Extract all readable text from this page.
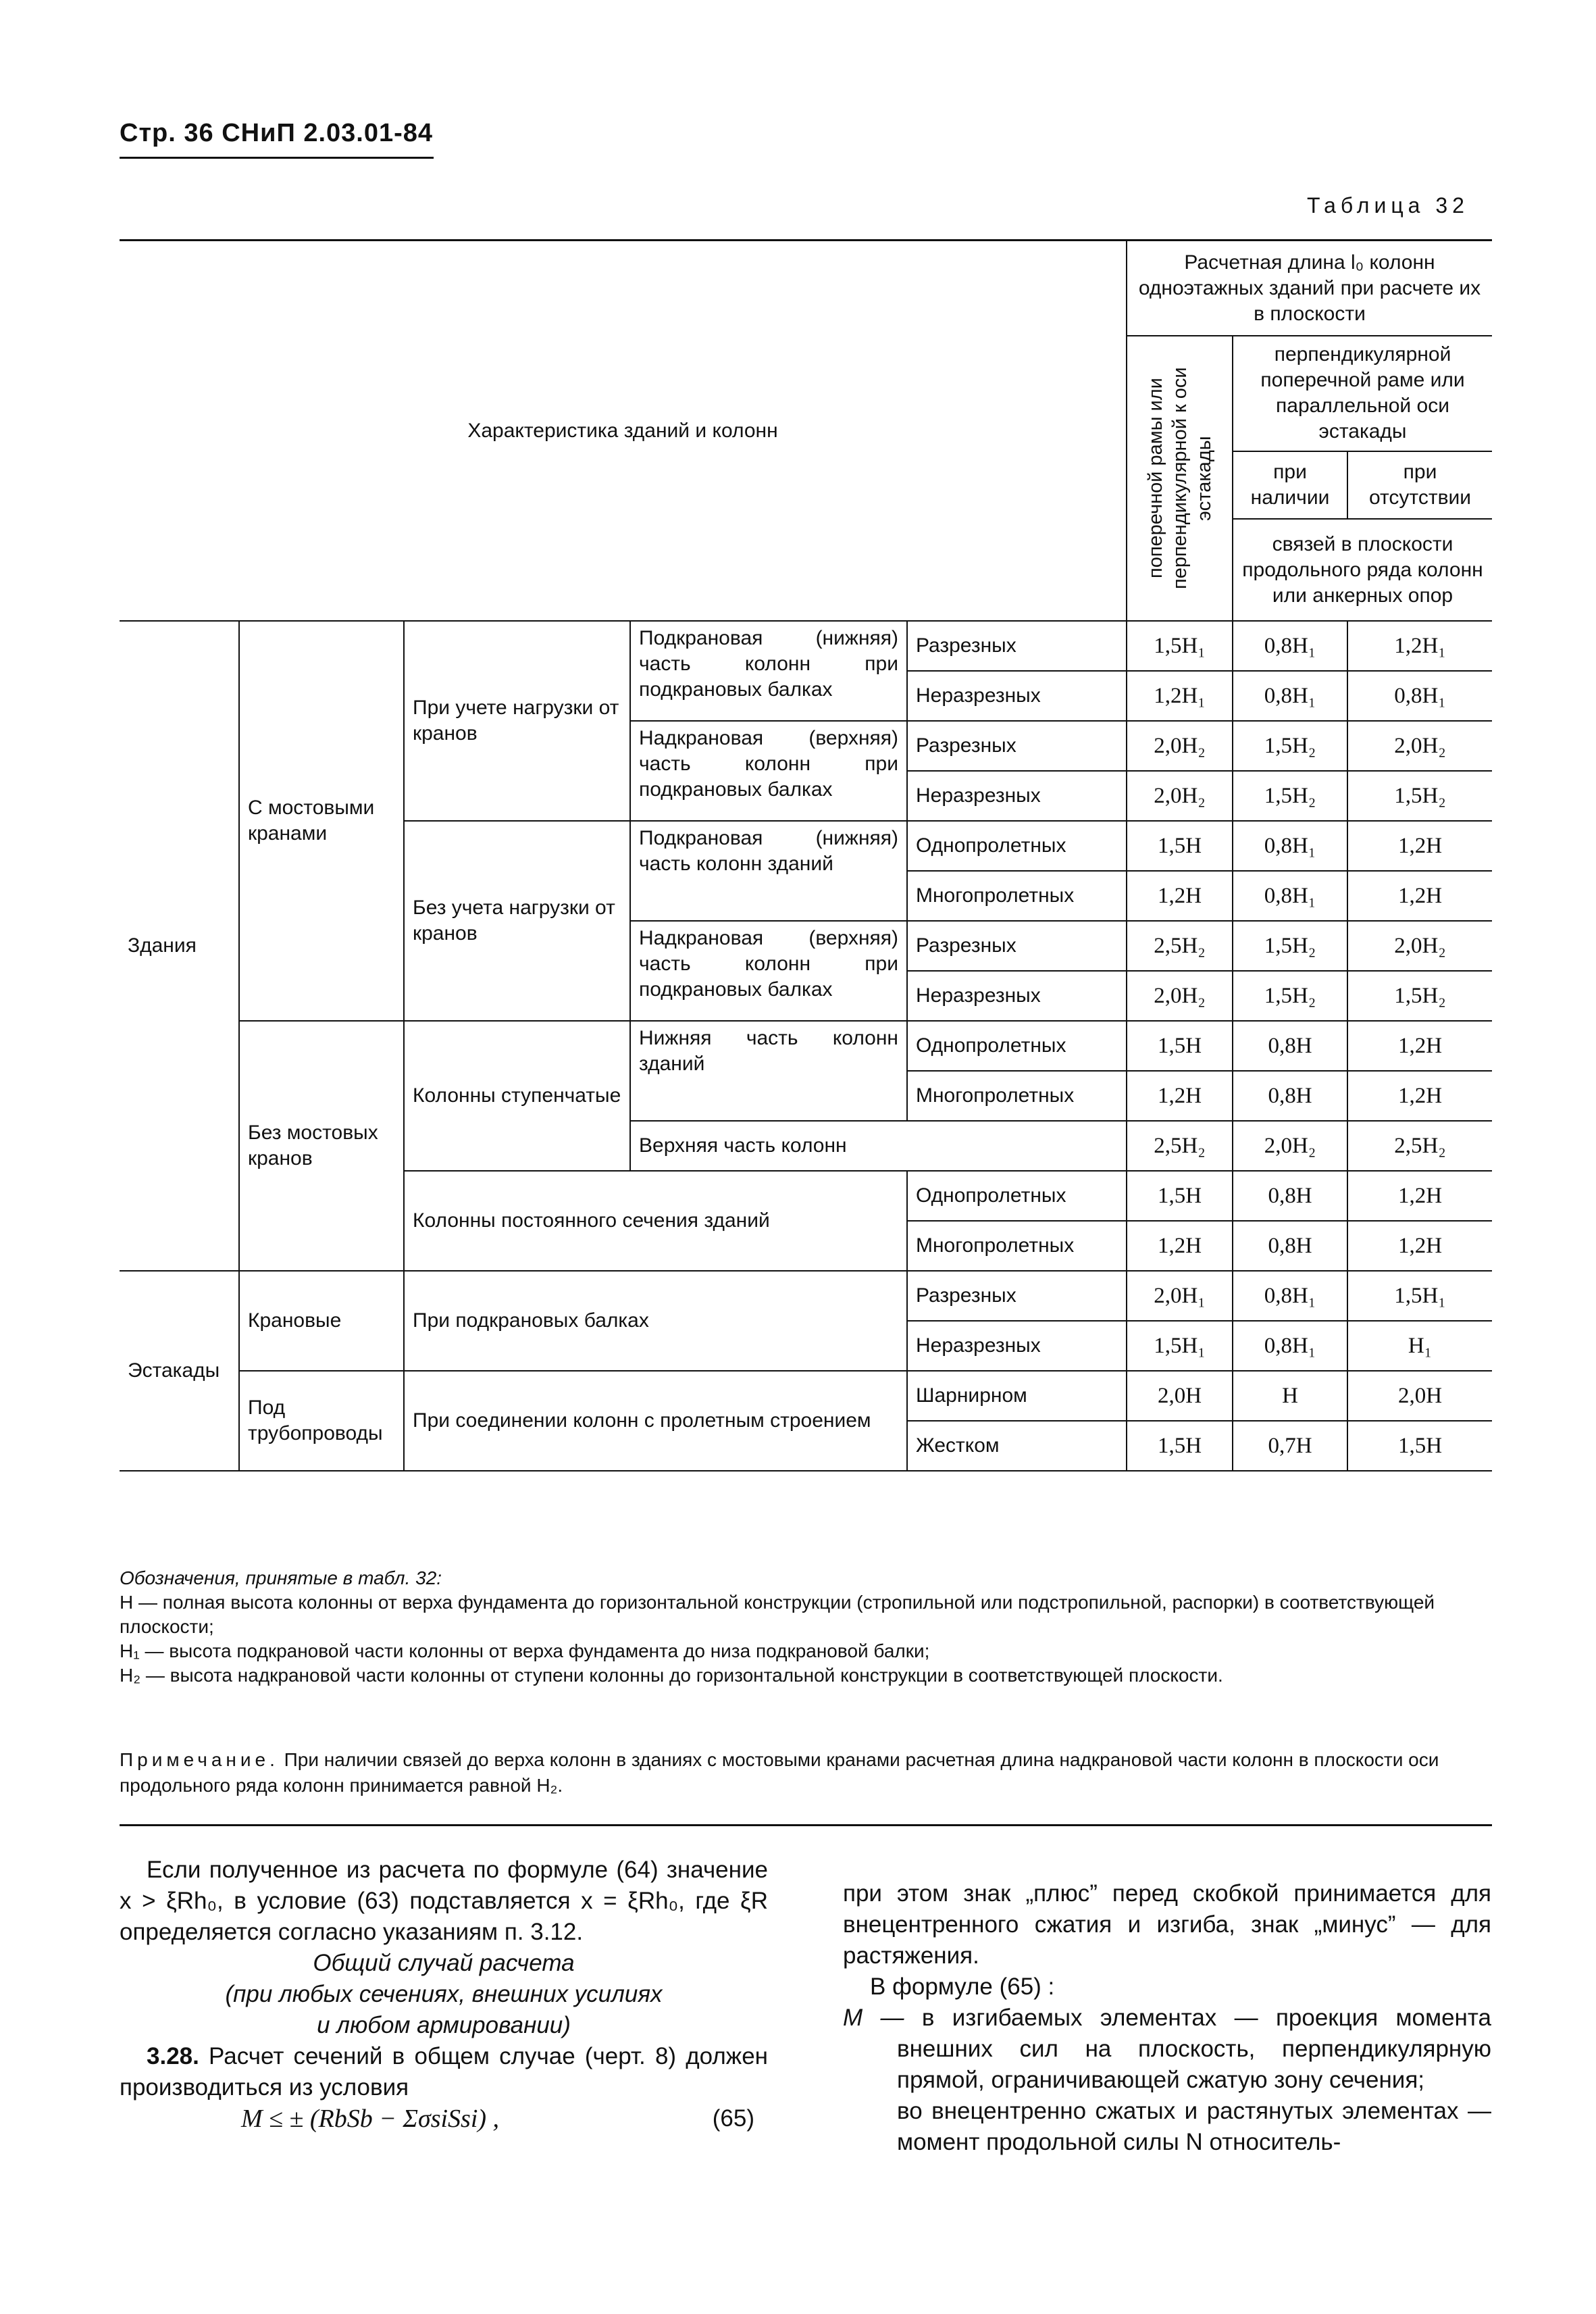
Стр. 36 СНиП 2.03.01-84
Таблица 32
Характеристика зданий и колонн					Расчетная длина l₀ колонн одноэтажных зданий при расчете их в плоскости		

					поперечной рамы или перпендикулярной к оси эстакады	перпендикулярной поперечной раме или параллельной оси эстакады	
						при наличии	при отсутствии
						связей в плоскости продольного ряда колонн или анкерных опор	
Здания	С мостовыми кранами	При учете нагрузки от кранов	Подкрановая (нижняя) часть колонн при подкрановых балках	Разрезных	1,5H₁	0,8H₁	1,2H₁
				Неразрезных	1,2H₁	0,8H₁	0,8H₁
			Надкрановая (верхняя) часть колонн при подкрановых балках	Разрезных	2,0H₂	1,5H₂	2,0H₂
				Неразрезных	2,0H₂	1,5H₂	1,5H₂
		Без учета нагрузки от кранов	Подкрановая (нижняя) часть колонн зданий	Однопролетных	1,5H	0,8H₁	1,2H
				Многопролетных	1,2H	0,8H₁	1,2H
			Надкрановая (верхняя) часть колонн при подкрановых балках	Разрезных	2,5H₂	1,5H₂	2,0H₂
				Неразрезных	2,0H₂	1,5H₂	1,5H₂
	Без мостовых кранов	Колонны ступенчатые	Нижняя часть колонн зданий	Однопролетных	1,5H	0,8H	1,2H
				Многопролетных	1,2H	0,8H	1,2H
			Верхняя часть колонн		2,5H₂	2,0H₂	2,5H₂
		Колонны постоянного сечения зданий		Однопролетных	1,5H	0,8H	1,2H
				Многопролетных	1,2H	0,8H	1,2H
Эстакады	Крановые	При подкрановых балках		Разрезных	2,0H₁	0,8H₁	1,5H₁
				Неразрезных	1,5H₁	0,8H₁	H₁
	Под трубопроводы	При соединении колонн с пролетным строением		Шарнирном	2,0H	H	2,0H
				Жестком	1,5H	0,7H	1,5H

Обозначения, принятые в табл. 32:

H — полная высота колонны от верха фундамента до горизонтальной конструкции (стропильной или подстропильной, распорки) в соответствующей плоскости;

H₁ — высота подкрановой части колонны от верха фундамента до низа подкрановой балки;

H₂ — высота надкрановой части колонны от ступени колонны до горизонтальной конструкции в соответствующей плоскости.

Примечание. При наличии связей до верха колонн в зданиях с мостовыми кранами расчетная длина надкрановой части колонн в плоскости оси продольного ряда колонн принимается равной H₂.

Если полученное из расчета по формуле (64) значение x > ξRh₀, в условие (63) подставляется x = ξRh₀, где ξR определяется согласно указаниям п. 3.12.

Общий случай расчета

(при любых сечениях, внешних усилиях

и любом армировании)

3.28. Расчет сечений в общем случае (черт. 8) должен производиться из условия

M ≤ ± (RbSb − ΣσsiSsi) ,	(65)

при этом знак „плюс” перед скобкой принимается для внецентренного сжатия и изгиба, знак „минус” — для растяжения.

В формуле (65) :

M — в изгибаемых элементах — проекция момента внешних сил на плоскость, перпендикулярную прямой, ограничивающей сжатую зону сечения;

во внецентренно сжатых и растянутых элементах — момент продольной силы N относитель-
